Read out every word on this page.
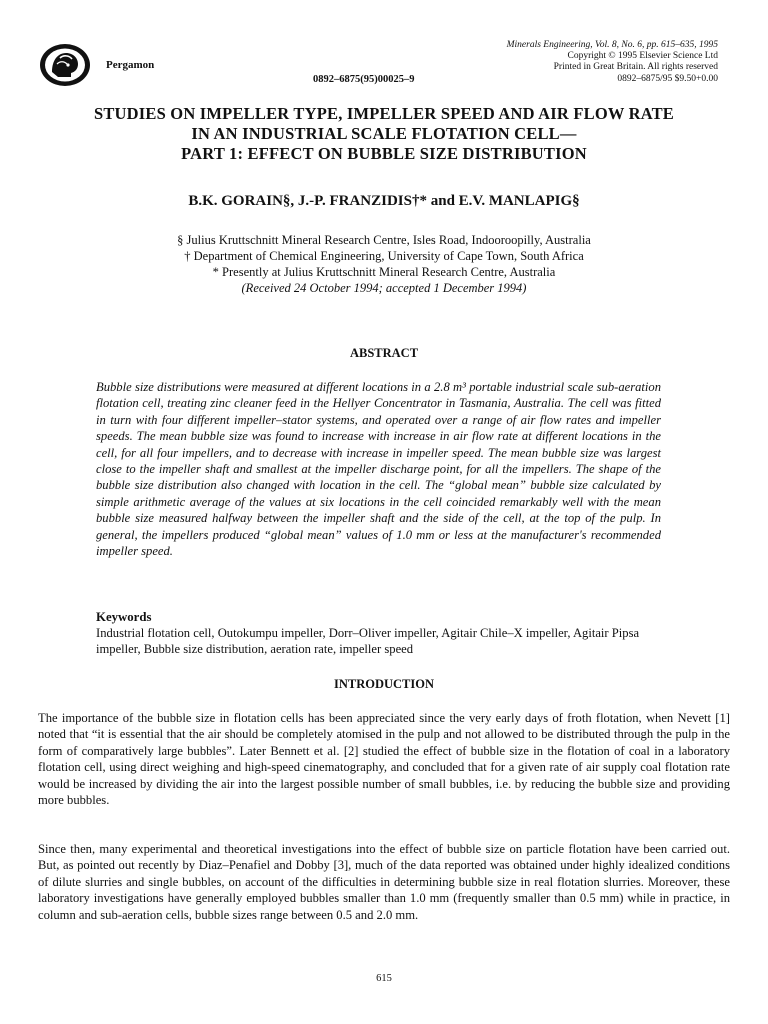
Pergamon
0892–6875(95)00025–9
Minerals Engineering, Vol. 8, No. 6, pp. 615–635, 1995
Copyright © 1995 Elsevier Science Ltd
Printed in Great Britain. All rights reserved
0892–6875/95 $9.50+0.00
STUDIES ON IMPELLER TYPE, IMPELLER SPEED AND AIR FLOW RATE
IN AN INDUSTRIAL SCALE FLOTATION CELL—
PART 1: EFFECT ON BUBBLE SIZE DISTRIBUTION
B.K. GORAIN§, J.-P. FRANZIDIS†* and E.V. MANLAPIG§
§ Julius Kruttschnitt Mineral Research Centre, Isles Road, Indooroopilly, Australia
† Department of Chemical Engineering, University of Cape Town, South Africa
* Presently at Julius Kruttschnitt Mineral Research Centre, Australia
(Received 24 October 1994; accepted 1 December 1994)
ABSTRACT

Bubble size distributions were measured at different locations in a 2.8 m³ portable industrial scale sub-aeration flotation cell, treating zinc cleaner feed in the Hellyer Concentrator in Tasmania, Australia. The cell was fitted in turn with four different impeller–stator systems, and operated over a range of air flow rates and impeller speeds. The mean bubble size was found to increase with increase in air flow rate at different locations in the cell, for all four impellers, and to decrease with increase in impeller speed. The mean bubble size was largest close to the impeller shaft and smallest at the impeller discharge point, for all the impellers. The shape of the bubble size distribution also changed with location in the cell. The “global mean” bubble size calculated by simple arithmetic average of the values at six locations in the cell coincided remarkably well with the mean bubble size measured halfway between the impeller shaft and the side of the cell, at the top of the pulp. In general, the impellers produced “global mean” values of 1.0 mm or less at the manufacturer's recommended impeller speed.

Keywords

Industrial flotation cell, Outokumpu impeller, Dorr–Oliver impeller, Agitair Chile–X impeller, Agitair Pipsa impeller, Bubble size distribution, aeration rate, impeller speed

INTRODUCTION

The importance of the bubble size in flotation cells has been appreciated since the very early days of froth flotation, when Nevett [1] noted that “it is essential that the air should be completely atomised in the pulp and not allowed to be distributed through the pulp in the form of comparatively large bubbles”. Later Bennett et al. [2] studied the effect of bubble size in the flotation of coal in a laboratory flotation cell, using direct weighing and high-speed cinematography, and concluded that for a given rate of air supply coal flotation rate would be increased by dividing the air into the largest possible number of small bubbles, i.e. by reducing the bubble size and providing more bubbles.

Since then, many experimental and theoretical investigations into the effect of bubble size on particle flotation have been carried out. But, as pointed out recently by Diaz–Penafiel and Dobby [3], much of the data reported was obtained under highly idealized conditions of dilute slurries and single bubbles, on account of the difficulties in determining bubble size in real flotation slurries. Moreover, these laboratory investigations have generally employed bubbles smaller than 1.0 mm (frequently smaller than 0.5 mm) while in practice, in column and sub-aeration cells, bubble sizes range between 0.5 and 2.0 mm.

615
